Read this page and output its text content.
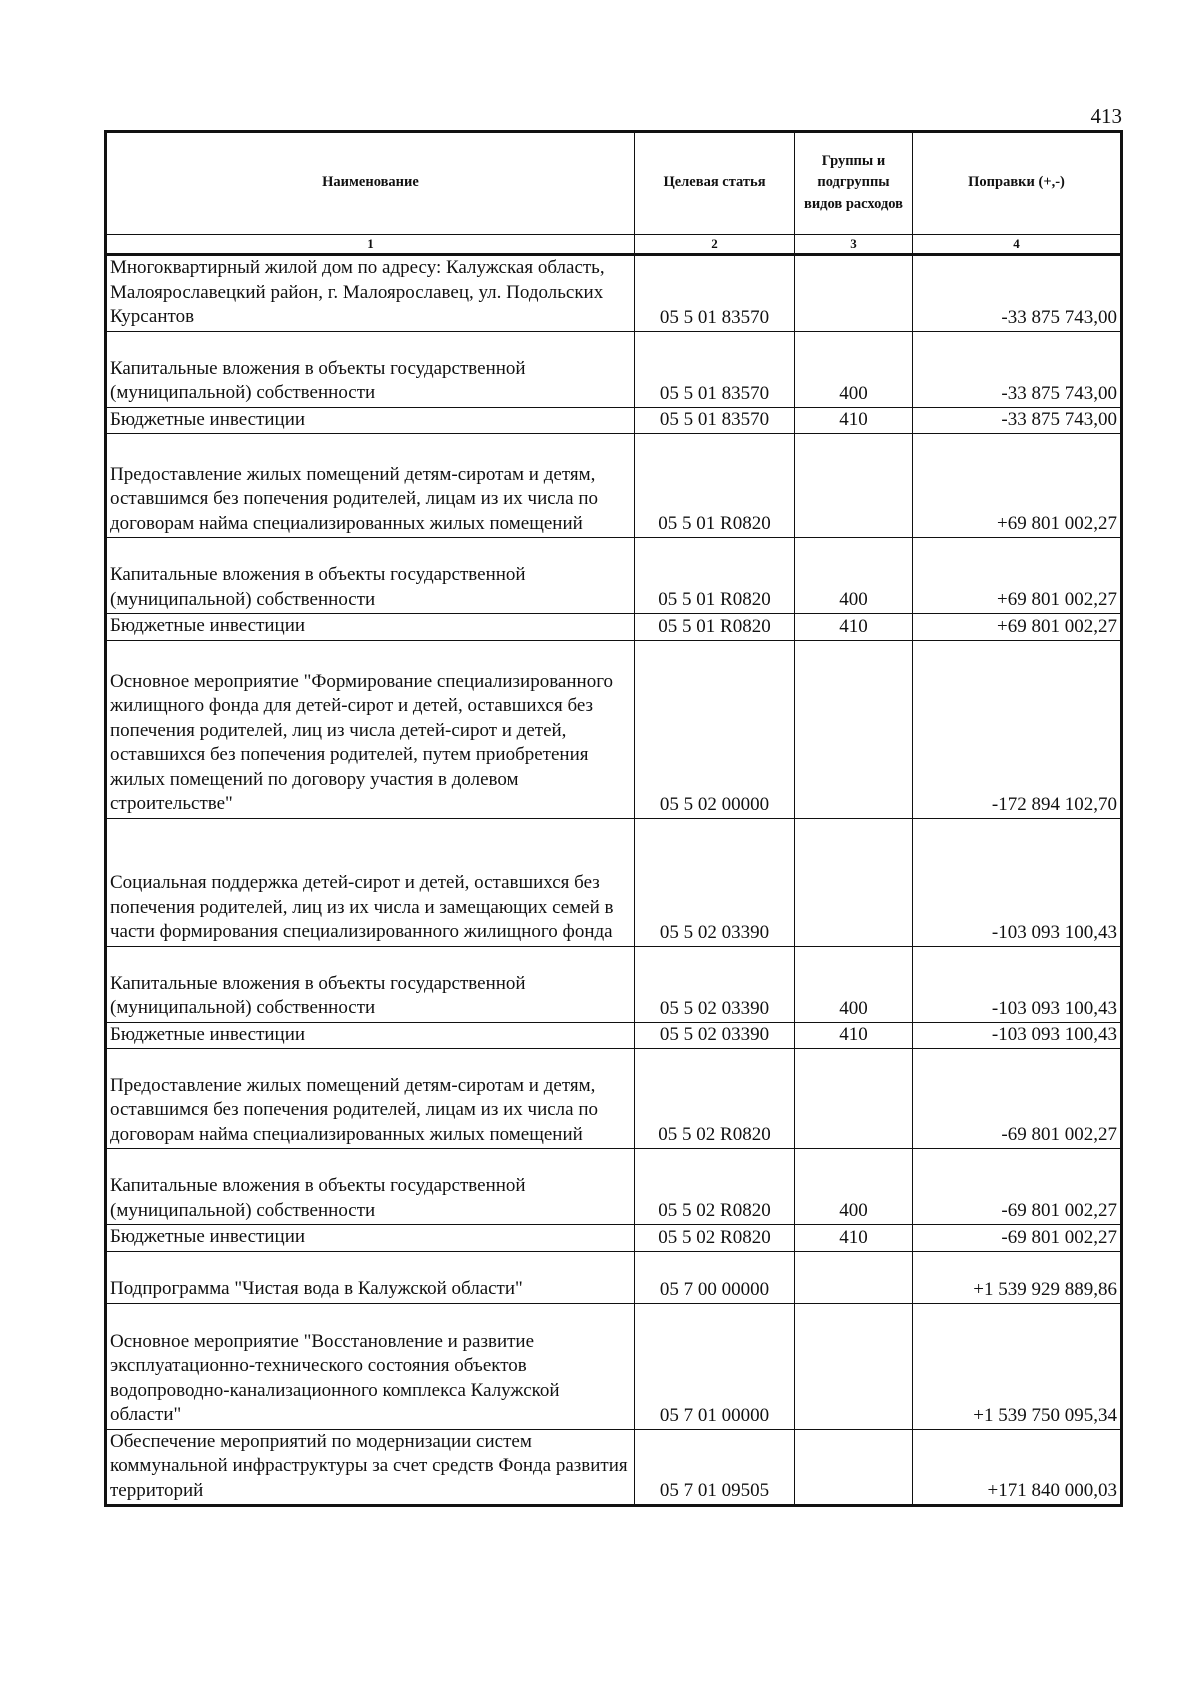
413
Наименование	Целевая статья	Группы и подгруппы видов расходов	Поправки (+,-)
1	2	3	4
Многоквартирный жилой дом по адресу: Калужская область, Малоярославецкий район, г. Малоярославец, ул. Подольских Курсантов	05 5 01 83570		-33 875 743,00
Капитальные вложения в объекты государственной (муниципальной) собственности	05 5 01 83570	400	-33 875 743,00
Бюджетные инвестиции	05 5 01 83570	410	-33 875 743,00
Предоставление жилых помещений детям-сиротам и детям, оставшимся без попечения родителей, лицам из их числа по договорам найма специализированных жилых помещений	05 5 01 R0820		+69 801 002,27
Капитальные вложения в объекты государственной (муниципальной) собственности	05 5 01 R0820	400	+69 801 002,27
Бюджетные инвестиции	05 5 01 R0820	410	+69 801 002,27
Основное мероприятие "Формирование специализированного жилищного фонда для детей-сирот и детей, оставшихся без попечения родителей, лиц из числа детей-сирот и детей, оставшихся без попечения родителей, путем приобретения жилых помещений по договору участия в долевом строительстве"	05 5 02 00000		-172 894 102,70
Социальная поддержка детей-сирот и детей, оставшихся без попечения родителей, лиц из их числа и замещающих семей в части формирования специализированного жилищного фонда	05 5 02 03390		-103 093 100,43
Капитальные вложения в объекты государственной (муниципальной) собственности	05 5 02 03390	400	-103 093 100,43
Бюджетные инвестиции	05 5 02 03390	410	-103 093 100,43
Предоставление жилых помещений детям-сиротам и детям, оставшимся без попечения родителей, лицам из их числа по договорам найма специализированных жилых помещений	05 5 02 R0820		-69 801 002,27
Капитальные вложения в объекты государственной (муниципальной) собственности	05 5 02 R0820	400	-69 801 002,27
Бюджетные инвестиции	05 5 02 R0820	410	-69 801 002,27
Подпрограмма "Чистая вода в Калужской области"	05 7 00 00000		+1 539 929 889,86
Основное мероприятие "Восстановление и развитие эксплуатационно-технического состояния объектов водопроводно-канализационного комплекса Калужской области"	05 7 01 00000		+1 539 750 095,34
Обеспечение мероприятий по модернизации систем коммунальной инфраструктуры за счет средств Фонда развития территорий	05 7 01 09505		+171 840 000,03
